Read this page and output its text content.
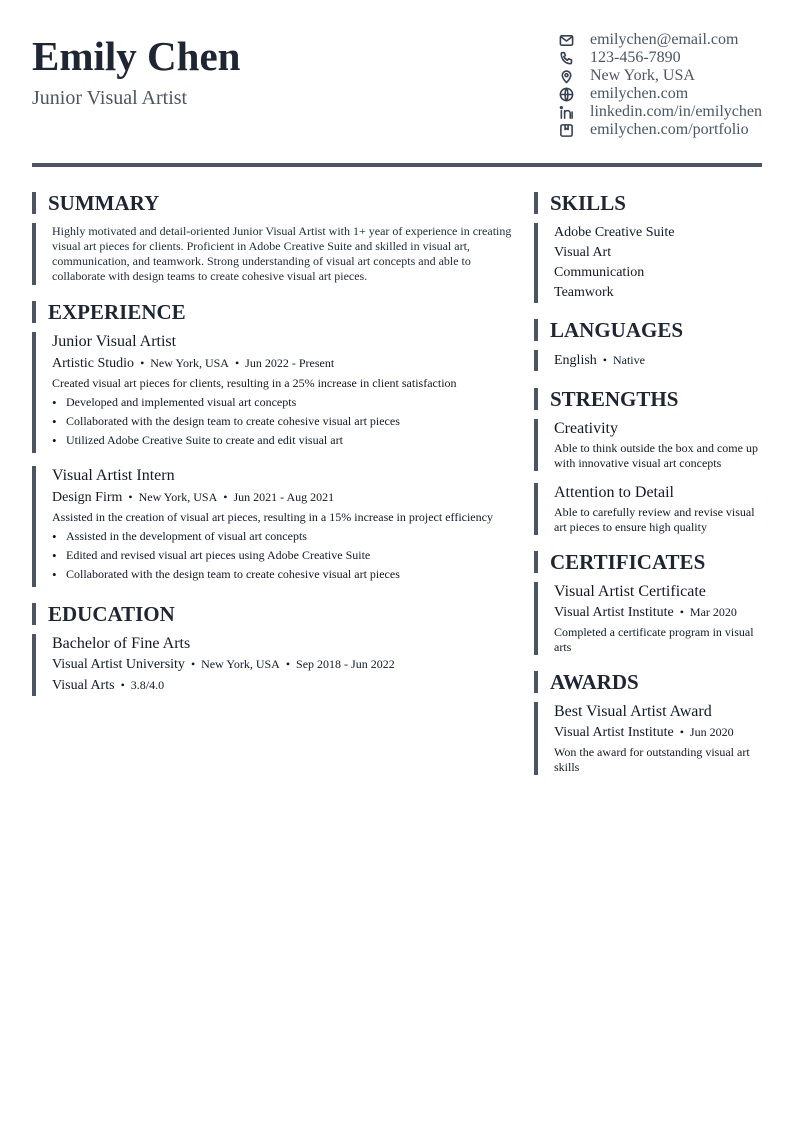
Emily Chen
Junior Visual Artist
emilychen@email.com
123-456-7890
New York, USA
emilychen.com
linkedin.com/in/emilychen
emilychen.com/portfolio
SUMMARY
Highly motivated and detail-oriented Junior Visual Artist with 1+ year of experience in creating visual art pieces for clients. Proficient in Adobe Creative Suite and skilled in visual art, communication, and teamwork. Strong understanding of visual art concepts and able to collaborate with design teams to create cohesive visual art pieces.
EXPERIENCE
Junior Visual Artist
Artistic Studio • New York, USA • Jun 2022 - Present
Created visual art pieces for clients, resulting in a 25% increase in client satisfaction
• Developed and implemented visual art concepts
• Collaborated with the design team to create cohesive visual art pieces
• Utilized Adobe Creative Suite to create and edit visual art
Visual Artist Intern
Design Firm • New York, USA • Jun 2021 - Aug 2021
Assisted in the creation of visual art pieces, resulting in a 15% increase in project efficiency
• Assisted in the development of visual art concepts
• Edited and revised visual art pieces using Adobe Creative Suite
• Collaborated with the design team to create cohesive visual art pieces
EDUCATION
Bachelor of Fine Arts
Visual Artist University • New York, USA • Sep 2018 - Jun 2022
Visual Arts • 3.8/4.0
SKILLS
Adobe Creative Suite
Visual Art
Communication
Teamwork
LANGUAGES
English • Native
STRENGTHS
Creativity
Able to think outside the box and come up with innovative visual art concepts
Attention to Detail
Able to carefully review and revise visual art pieces to ensure high quality
CERTIFICATES
Visual Artist Certificate
Visual Artist Institute • Mar 2020
Completed a certificate program in visual arts
AWARDS
Best Visual Artist Award
Visual Artist Institute • Jun 2020
Won the award for outstanding visual art skills
